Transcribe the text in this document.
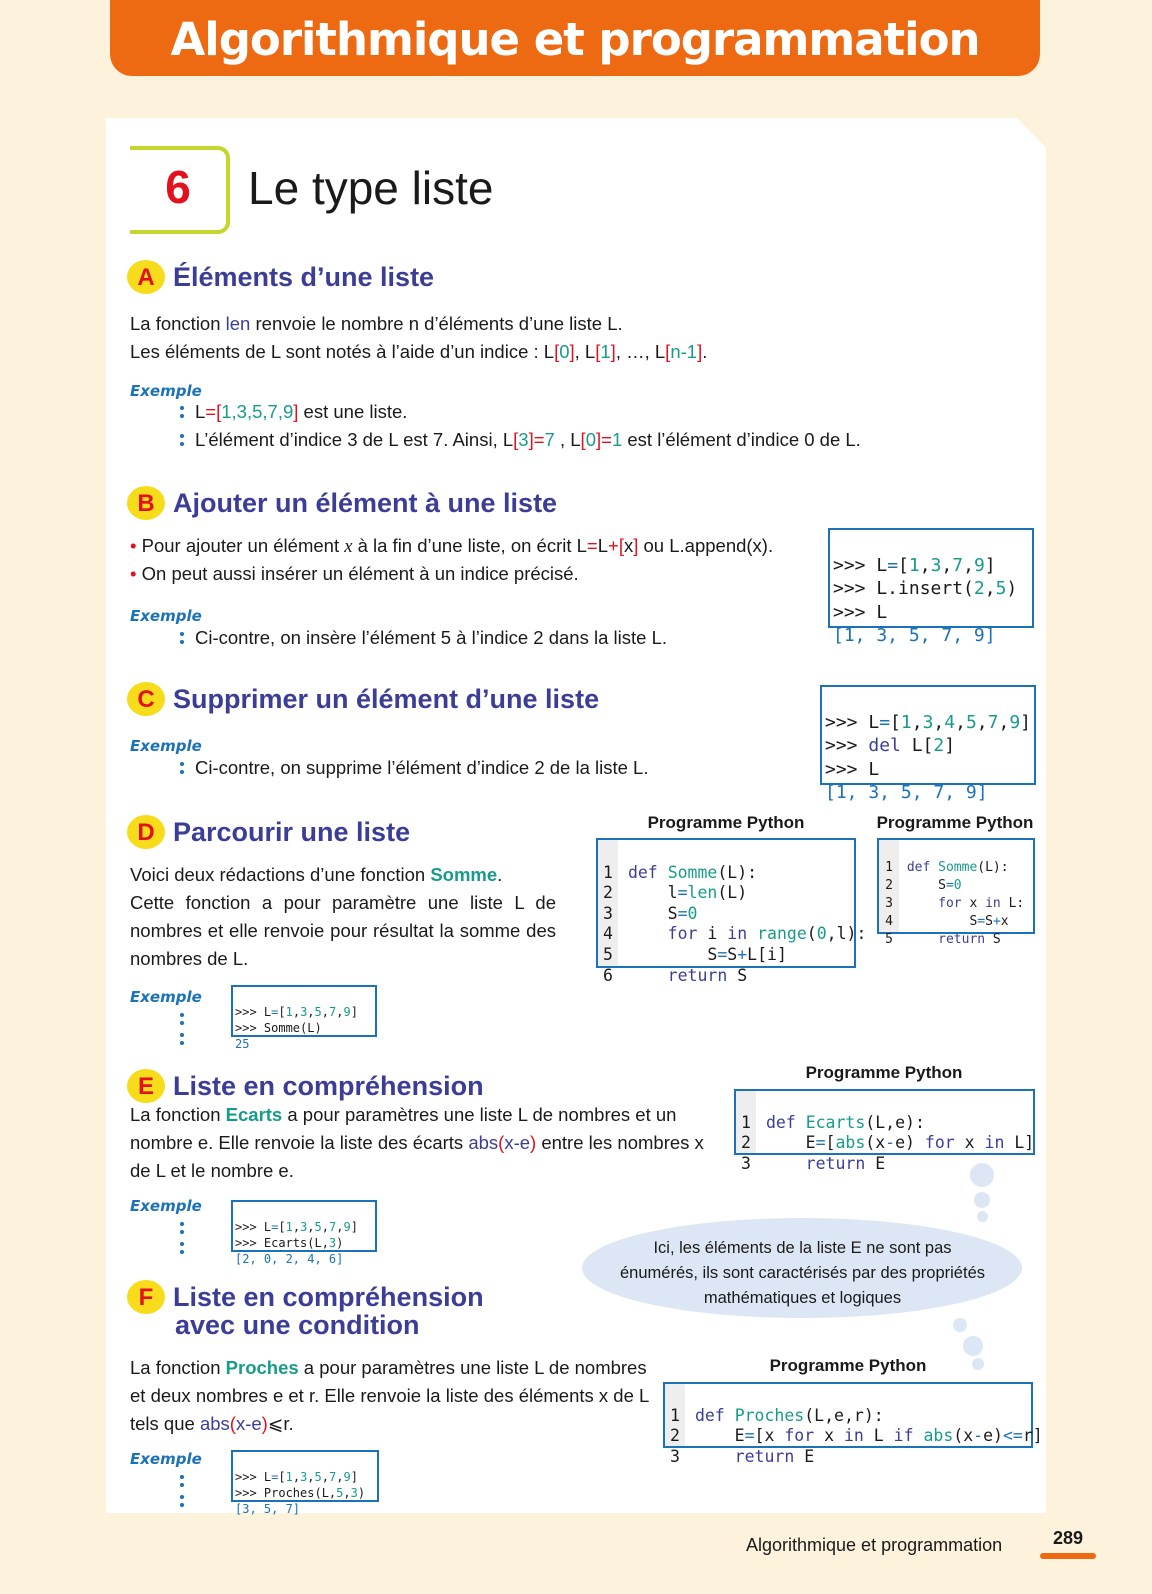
Algorithmique et programmation
6	Le type liste
A Éléments d’une liste
La fonction len renvoie le nombre n d’éléments d’une liste L.
Les éléments de L sont notés à l’aide d’un indice : L[0], L[1], …, L[n-1].
Exemple
L=[1,3,5,7,9] est une liste.
L’élément d’indice 3 de L est 7. Ainsi, L[3]=7 , L[0]=1 est l’élément d’indice 0 de L.
B Ajouter un élément à une liste
• Pour ajouter un élément x à la fin d’une liste, on écrit L=L+[x] ou L.append(x).
• On peut aussi insérer un élément à un indice précisé.
Exemple
Ci-contre, on insère l’élément 5 à l’indice 2 dans la liste L.

>>> L=[1,3,7,9]
>>> L.insert(2,5)
>>> L
[1, 3, 5, 7, 9]
C Supprimer un élément d’une liste
Exemple
Ci-contre, on supprime l’élément d’indice 2 de la liste L.

>>> L=[1,3,4,5,7,9]
>>> del L[2]
>>> L
[1, 3, 5, 7, 9]
D Parcourir une liste
Voici deux rédactions d’une fonction Somme.

Cette fonction a pour paramètre une liste L de nombres et elle renvoie pour résultat la somme des nombres de L.
Programme Python	Programme Python

1 def Somme(L):
2     l=len(L)
3     S=0
4	for i in range(0,l):
5         S=S+L[i]
6	return S

1 def Somme(L):
2     S=0
3	for x in L:
4         S=S+x
5	return S
Exemple

>>> L=[1,3,5,7,9]
>>> Somme(L)
25
E Liste en compréhension
La fonction Ecarts a pour paramètres une liste L de nombres et un nombre e. Elle renvoie la liste des écarts abs(x-e) entre les nombres x de L et le nombre e.
Programme Python

1 def Ecarts(L,e):
2     E=[abs(x-e) for x in L]
3	return E
Exemple

>>> L=[1,3,5,7,9]
>>> Ecarts(L,3)
[2, 0, 2, 4, 6]
Ici, les éléments de la liste E ne sont pas
énumérés, ils sont caractérisés par des propriétés
mathématiques et logiques
F Liste en compréhension
avec une condition
La fonction Proches a pour paramètres une liste L de nombres et deux nombres e et r. Elle renvoie la liste des éléments x de L tels que abs(x-e)⩽r.
Programme Python

1 def Proches(L,e,r):
2     E=[x for x in L if abs(x-e)<=r]
3	return E
Exemple

>>> L=[1,3,5,7,9]
>>> Proches(L,5,3)
[3, 5, 7]
Algorithmique et programmation	289
